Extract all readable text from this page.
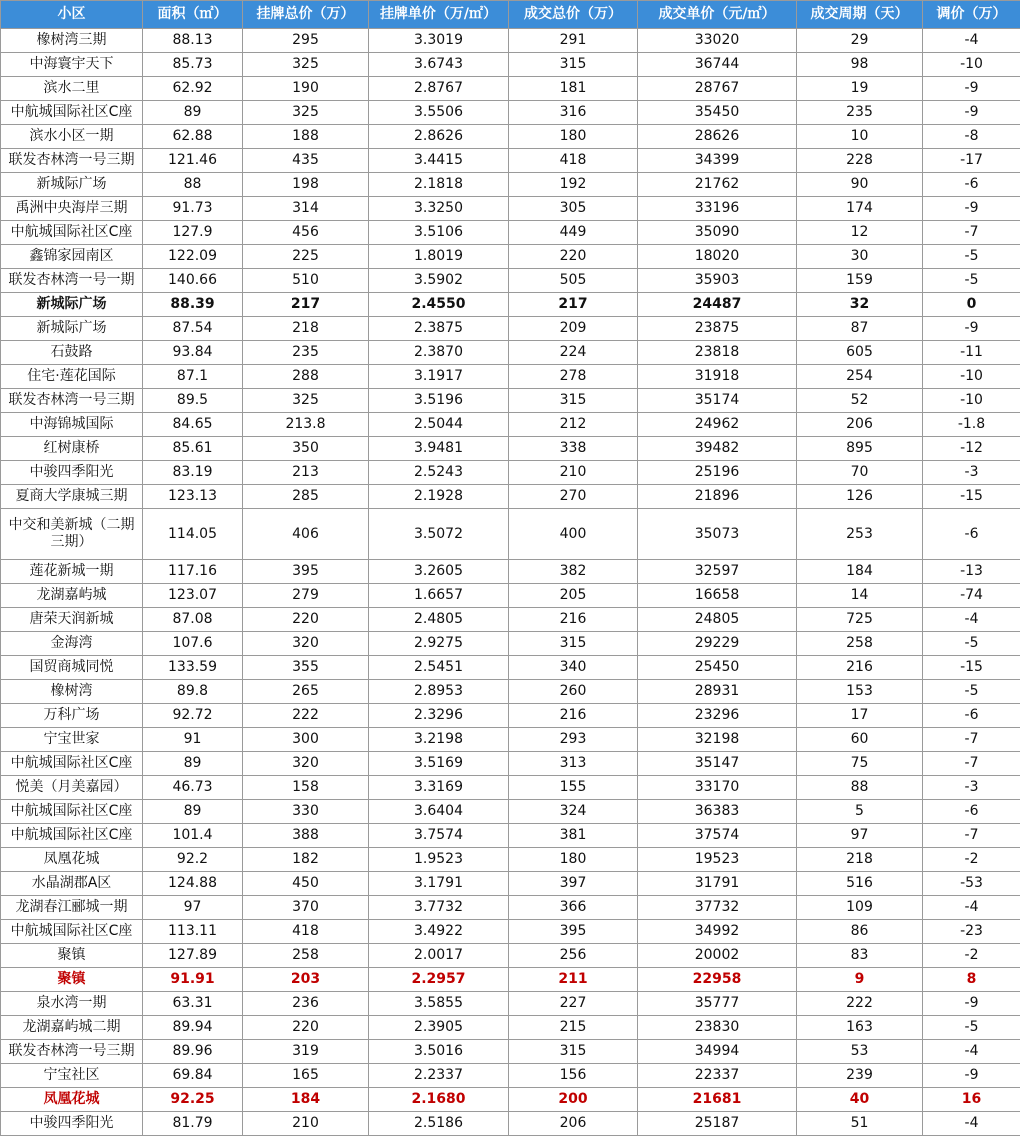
小区	面积（㎡）	挂牌总价（万）	挂牌单价（万/㎡）	成交总价（万）	成交单价（元/㎡）	成交周期（天）	调价（万）
橡树湾三期	88.13	295	3.3019	291	33020	29	-4
中海寰宇天下	85.73	325	3.6743	315	36744	98	-10
滨水二里	62.92	190	2.8767	181	28767	19	-9
中航城国际社区C座	89	325	3.5506	316	35450	235	-9
滨水小区一期	62.88	188	2.8626	180	28626	10	-8
联发杏林湾一号三期	121.46	435	3.4415	418	34399	228	-17
新城际广场	88	198	2.1818	192	21762	90	-6
禹洲中央海岸三期	91.73	314	3.3250	305	33196	174	-9
中航城国际社区C座	127.9	456	3.5106	449	35090	12	-7
鑫锦家园南区	122.09	225	1.8019	220	18020	30	-5
联发杏林湾一号一期	140.66	510	3.5902	505	35903	159	-5
新城际广场	88.39	217	2.4550	217	24487	32	0
新城际广场	87.54	218	2.3875	209	23875	87	-9
石鼓路	93.84	235	2.3870	224	23818	605	-11
住宅·莲花国际	87.1	288	3.1917	278	31918	254	-10
联发杏林湾一号三期	89.5	325	3.5196	315	35174	52	-10
中海锦城国际	84.65	213.8	2.5044	212	24962	206	-1.8
红树康桥	85.61	350	3.9481	338	39482	895	-12
中骏四季阳光	83.19	213	2.5243	210	25196	70	-3
夏商大学康城三期	123.13	285	2.1928	270	21896	126	-15
中交和美新城（二期三期）	114.05	406	3.5072	400	35073	253	-6
莲花新城一期	117.16	395	3.2605	382	32597	184	-13
龙湖嘉屿城	123.07	279	1.6657	205	16658	14	-74
唐荣天润新城	87.08	220	2.4805	216	24805	725	-4
金海湾	107.6	320	2.9275	315	29229	258	-5
国贸商城同悦	133.59	355	2.5451	340	25450	216	-15
橡树湾	89.8	265	2.8953	260	28931	153	-5
万科广场	92.72	222	2.3296	216	23296	17	-6
宁宝世家	91	300	3.2198	293	32198	60	-7
中航城国际社区C座	89	320	3.5169	313	35147	75	-7
悦美（月美嘉园）	46.73	158	3.3169	155	33170	88	-3
中航城国际社区C座	89	330	3.6404	324	36383	5	-6
中航城国际社区C座	101.4	388	3.7574	381	37574	97	-7
凤凰花城	92.2	182	1.9523	180	19523	218	-2
水晶湖郡A区	124.88	450	3.1791	397	31791	516	-53
龙湖春江郦城一期	97	370	3.7732	366	37732	109	-4
中航城国际社区C座	113.11	418	3.4922	395	34992	86	-23
聚镇	127.89	258	2.0017	256	20002	83	-2
聚镇	91.91	203	2.2957	211	22958	9	8
泉水湾一期	63.31	236	3.5855	227	35777	222	-9
龙湖嘉屿城二期	89.94	220	2.3905	215	23830	163	-5
联发杏林湾一号三期	89.96	319	3.5016	315	34994	53	-4
宁宝社区	69.84	165	2.2337	156	22337	239	-9
凤凰花城	92.25	184	2.1680	200	21681	40	16
中骏四季阳光	81.79	210	2.5186	206	25187	51	-4
